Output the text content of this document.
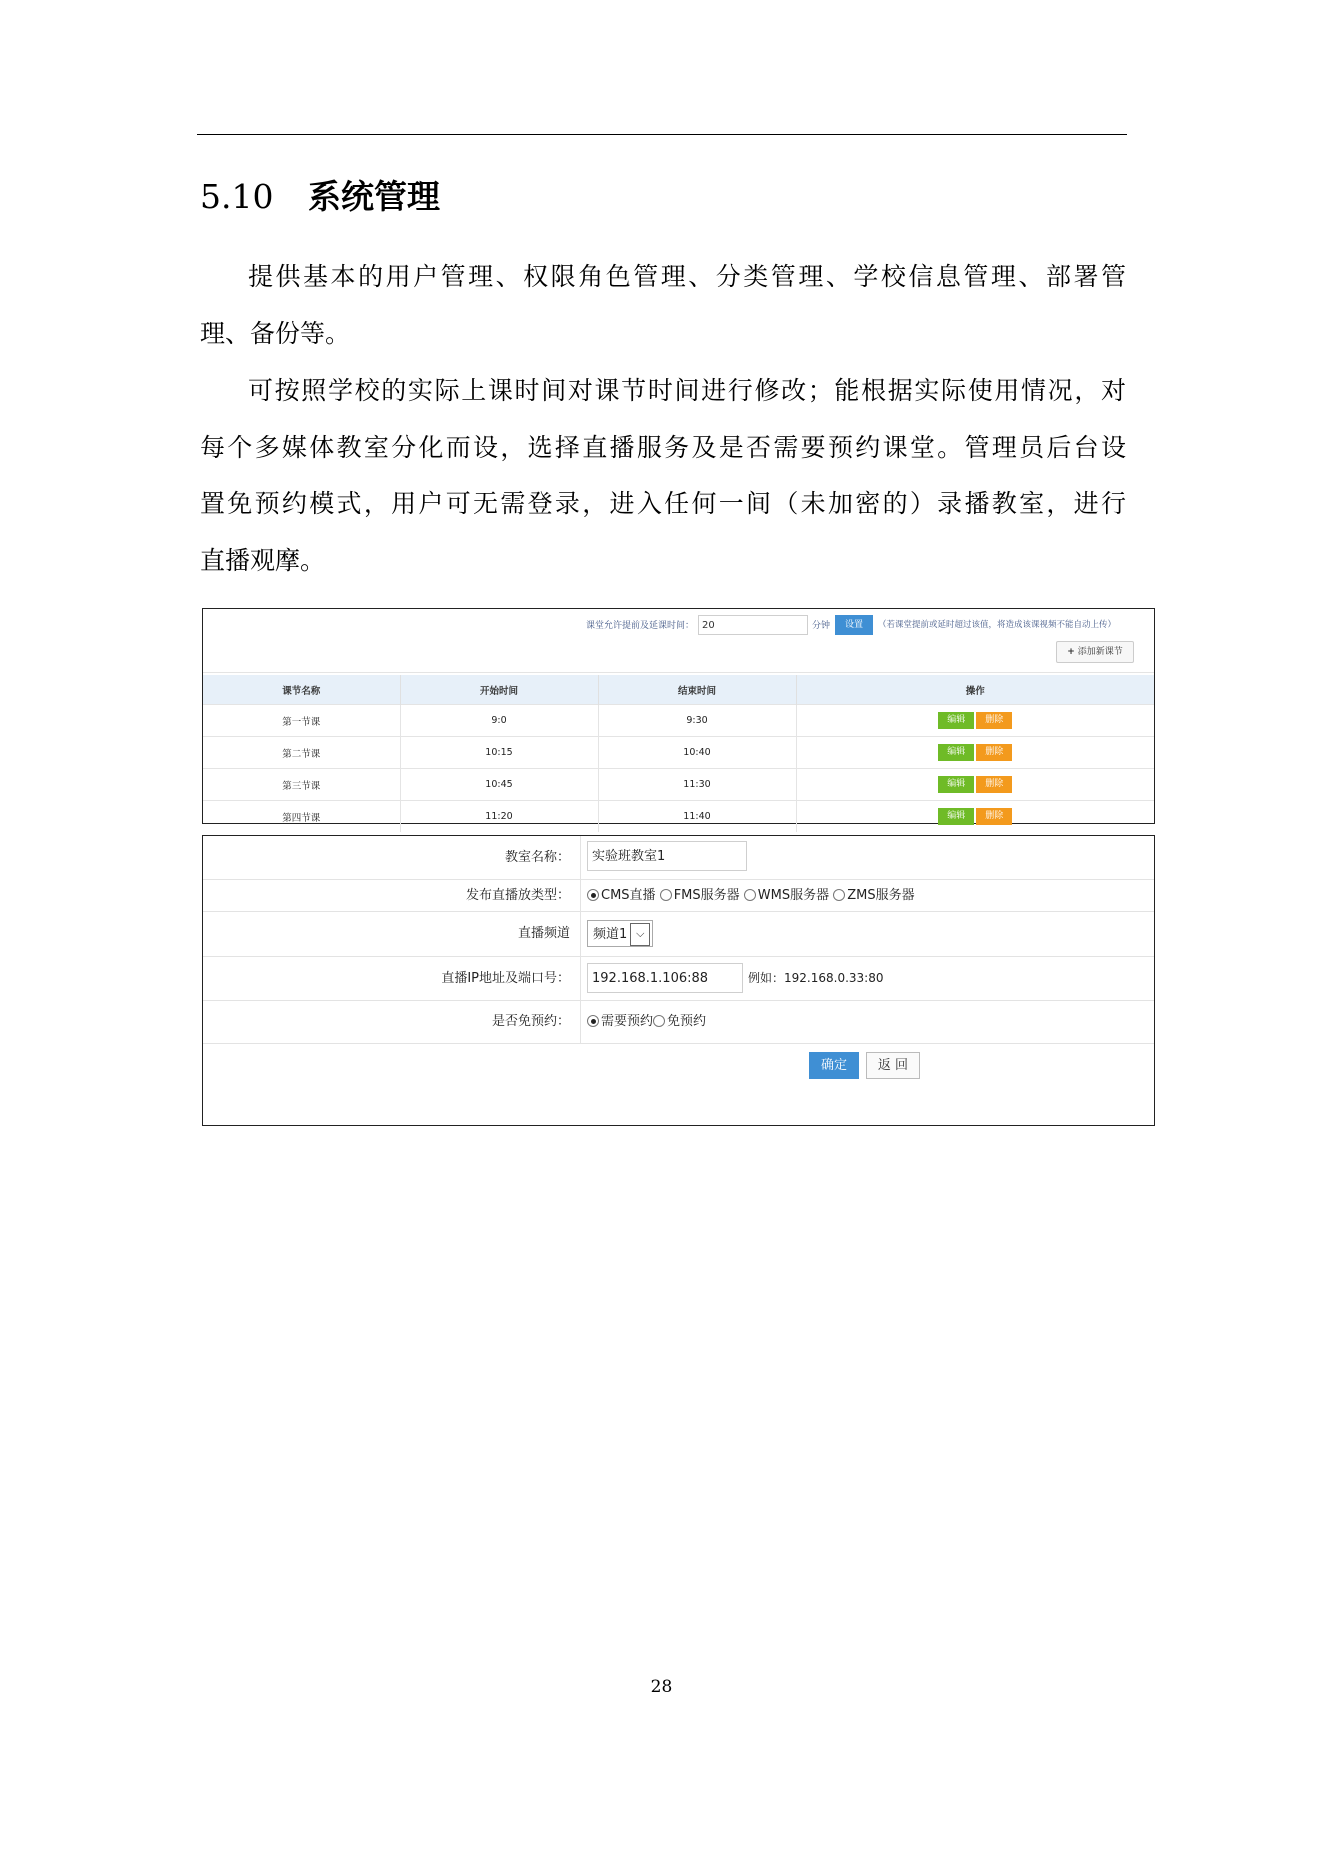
5.10 系统管理
提供基本的用户管理、权限角色管理、分类管理、学校信息管理、部署管
理、备份等。
可按照学校的实际上课时间对课节时间进行修改；能根据实际使用情况，对
每个多媒体教室分化而设，选择直播服务及是否需要预约课堂。管理员后台设
置免预约模式，用户可无需登录，进入任何一间（未加密的）录播教室，进行
直播观摩。
课堂允许提前及延课时间： 20	分钟	设置	（若课堂提前或延时超过该值，将造成该课视频不能自动上传）
+ 添加新课节
课节名称	开始时间	结束时间	操作
第一节课	9:0	9:30	编辑 删除
第二节课	10:15	10:40	编辑 删除
第三节课	10:45	11:30	编辑 删除
第四节课	11:20	11:40	编辑 删除
教室名称：	实验班教室1
发布直播放类型：	CMS直播 FMS服务器 WMS服务器 ZMS服务器
直播频道	频道1 ⌵
直播IP地址及端口号：	192.168.1.106:88	例如：192.168.0.33:80
是否免预约：	需要预约 免预约
确定	返 回
28
